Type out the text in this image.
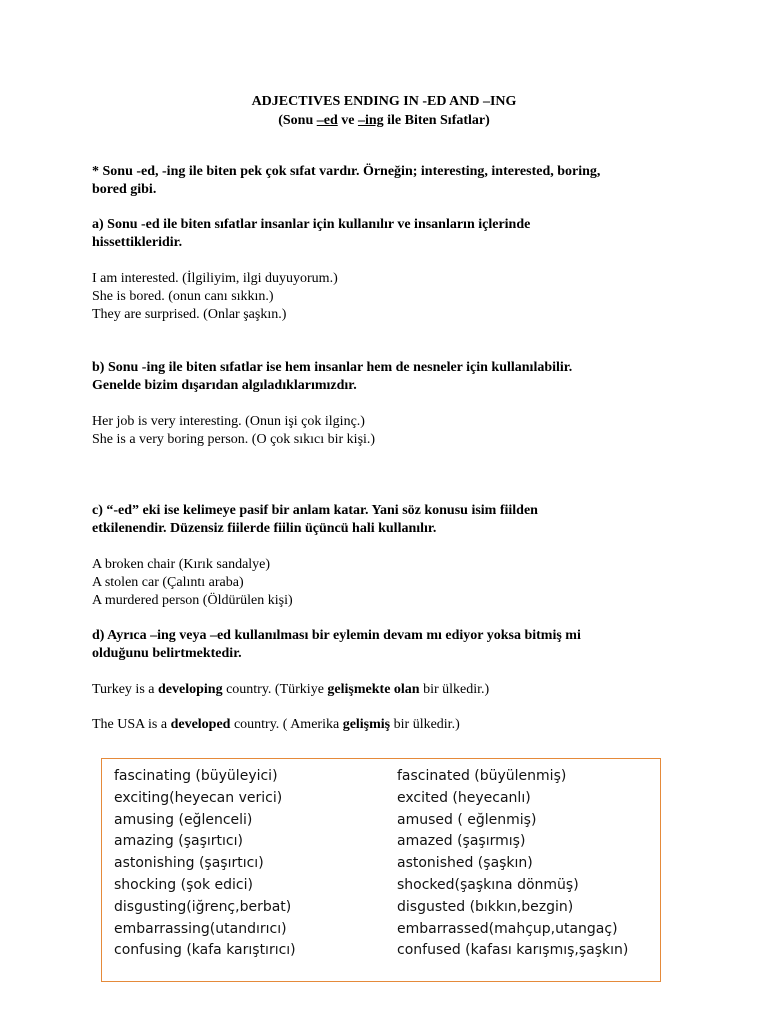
ADJECTIVES ENDING IN -ED AND –ING
(Sonu –ed ve –ing ile Biten Sıfatlar)
* Sonu -ed, -ing ile biten pek çok sıfat vardır. Örneğin; interesting, interested, boring,
bored gibi.
a) Sonu -ed ile biten sıfatlar insanlar için kullanılır ve insanların içlerinde
hissettikleridir.
I am interested. (İlgiliyim, ilgi duyuyorum.)
She is bored. (onun canı sıkkın.)
They are surprised. (Onlar şaşkın.)
b) Sonu -ing ile biten sıfatlar ise hem insanlar hem de nesneler için kullanılabilir.
Genelde bizim dışarıdan algıladıklarımızdır.
Her job is very interesting. (Onun işi çok ilginç.)
She is a very boring person. (O çok sıkıcı bir kişi.)
c) “-ed” eki ise kelimeye pasif bir anlam katar. Yani söz konusu isim fiilden
etkilenendir. Düzensiz fiilerde fiilin üçüncü hali kullanılır.
A broken chair (Kırık sandalye)
A stolen car (Çalıntı araba)
A murdered person (Öldürülen kişi)
d) Ayrıca –ing veya –ed kullanılması bir eylemin devam mı ediyor yoksa bitmiş mi
olduğunu belirtmektedir.
Turkey is a developing country. (Türkiye gelişmekte olan bir ülkedir.)
The USA is a developed country. ( Amerika gelişmiş bir ülkedir.)
fascinating (büyüleyici)
exciting(heyecan verici)
amusing (eğlenceli)
amazing (şaşırtıcı)
astonishing (şaşırtıcı)
shocking (şok edici)
disgusting(iğrenç,berbat)
embarrassing(utandırıcı)
confusing (kafa karıştırıcı)
fascinated (büyülenmiş)
excited (heyecanlı)
amused ( eğlenmiş)
amazed (şaşırmış)
astonished (şaşkın)
shocked(şaşkına dönmüş)
disgusted (bıkkın,bezgin)
embarrassed(mahçup,utangaç)
confused (kafası karışmış,şaşkın)
